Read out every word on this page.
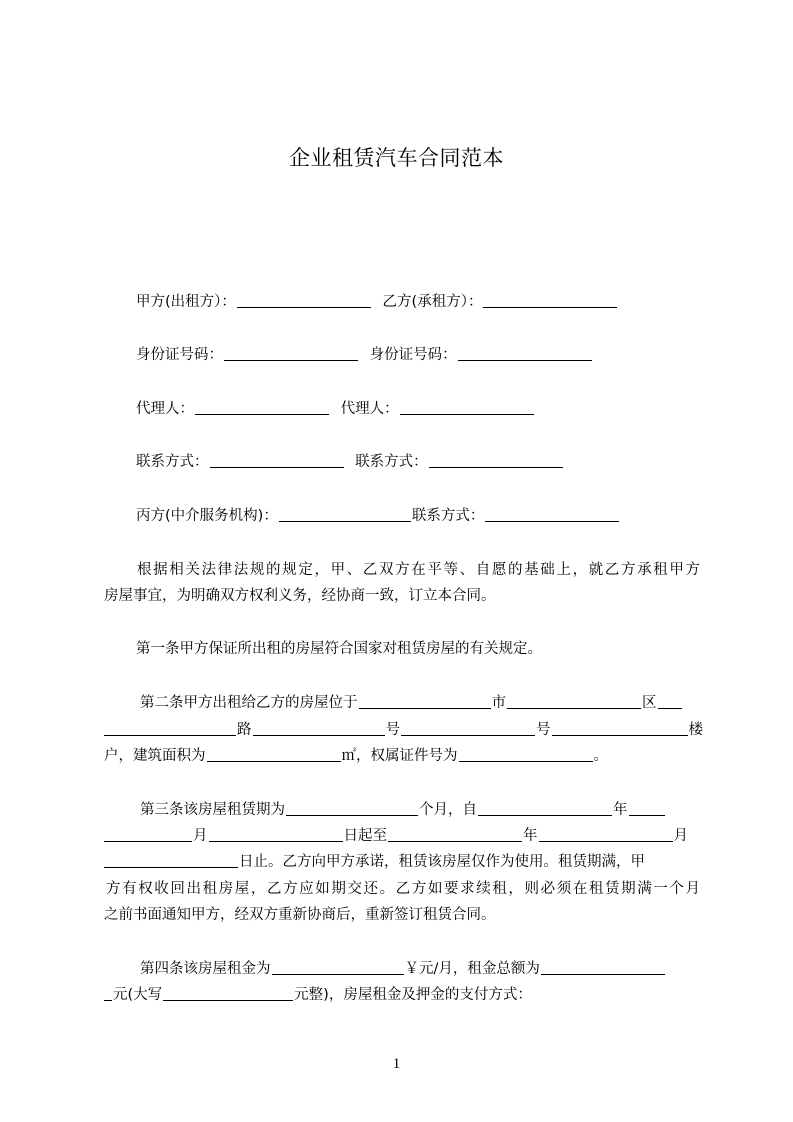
企业租赁汽车合同范本
甲方(出租方）：	乙方(承租方）：
身份证号码：	身份证号码：
代理人：	代理人：
联系方式：	联系方式：
丙方(中介服务机构)：	联系方式：
根据相关法律法规的规定，甲、乙双方在平等、自愿的基础上，就乙方承租甲方
房屋事宜，为明确双方权利义务，经协商一致，订立本合同。
第一条甲方保证所出租的房屋符合国家对租赁房屋的有关规定。
第二条甲方出租给乙方的房屋位于	市	区
路	号	号	楼
户，建筑面积为	㎡，权属证件号为	。
第三条该房屋租赁期为	个月，自	年
月	日起至	年	月
日止。乙方向甲方承诺，租赁该房屋仅作为使用。租赁期满，甲
方有权收回出租房屋，乙方应如期交还。乙方如要求续租，则必须在租赁期满一个月
之前书面通知甲方，经双方重新协商后，重新签订租赁合同。
第四条该房屋租金为	￥元/月，租金总额为
元(大写	元整)，房屋租金及押金的支付方式：
1
